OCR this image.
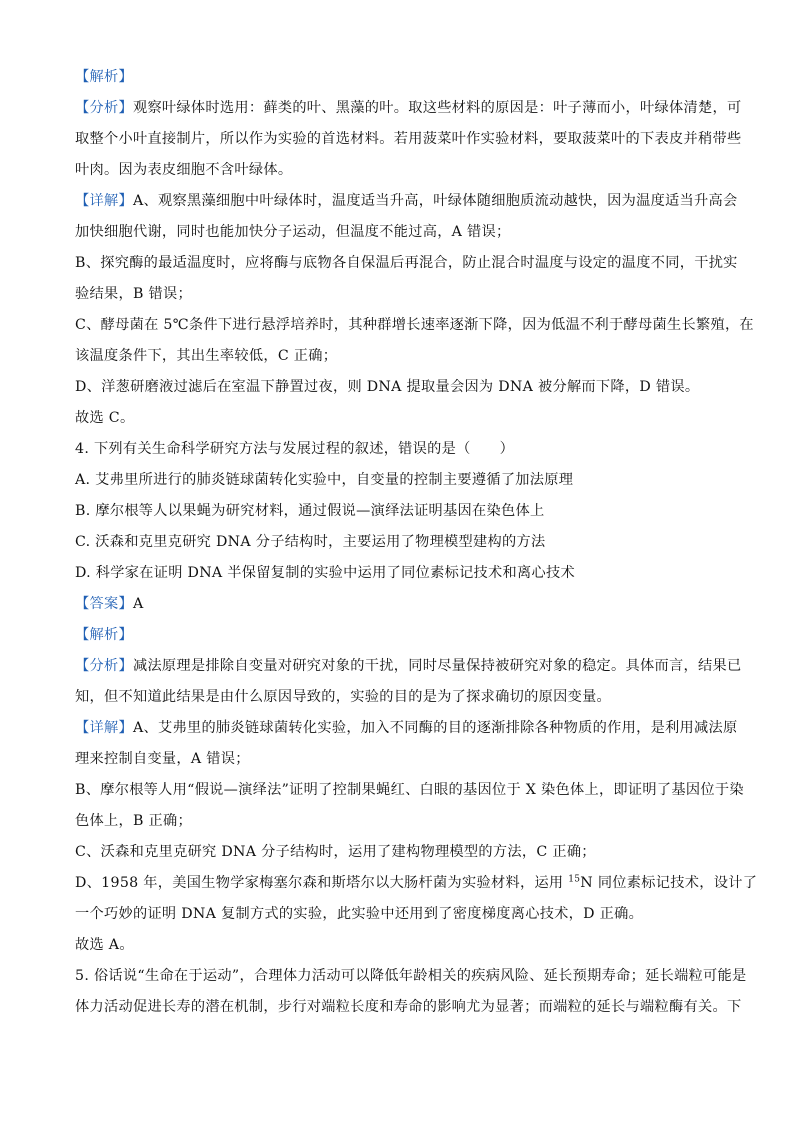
【解析】
【分析】观察叶绿体时选用：藓类的叶、黑藻的叶。取这些材料的原因是：叶子薄而小，叶绿体清楚，可
取整个小叶直接制片，所以作为实验的首选材料。若用菠菜叶作实验材料，要取菠菜叶的下表皮并稍带些
叶肉。因为表皮细胞不含叶绿体。
【详解】A、观察黑藻细胞中叶绿体时，温度适当升高，叶绿体随细胞质流动越快，因为温度适当升高会
加快细胞代谢，同时也能加快分子运动，但温度不能过高，A 错误；
B、探究酶的最适温度时，应将酶与底物各自保温后再混合，防止混合时温度与设定的温度不同，干扰实
验结果，B 错误；
C、酵母菌在 5℃条件下进行悬浮培养时，其种群增长速率逐渐下降，因为低温不利于酵母菌生长繁殖，在
该温度条件下，其出生率较低，C 正确；
D、洋葱研磨液过滤后在室温下静置过夜，则 DNA 提取量会因为 DNA 被分解而下降，D 错误。
故选 C。
4. 下列有关生命科学研究方法与发展过程的叙述，错误的是（　　）
A. 艾弗里所进行的肺炎链球菌转化实验中，自变量的控制主要遵循了加法原理
B. 摩尔根等人以果蝇为研究材料，通过假说—演绎法证明基因在染色体上
C. 沃森和克里克研究 DNA 分子结构时，主要运用了物理模型建构的方法
D. 科学家在证明 DNA 半保留复制的实验中运用了同位素标记技术和离心技术
【答案】A
【解析】
【分析】减法原理是排除自变量对研究对象的干扰，同时尽量保持被研究对象的稳定。具体而言，结果已
知，但不知道此结果是由什么原因导致的，实验的目的是为了探求确切的原因变量。
【详解】A、艾弗里的肺炎链球菌转化实验，加入不同酶的目的逐渐排除各种物质的作用，是利用减法原
理来控制自变量，A 错误；
B、摩尔根等人用“假说—演绎法”证明了控制果蝇红、白眼的基因位于 X 染色体上，即证明了基因位于染
色体上，B 正确；
C、沃森和克里克研究 DNA 分子结构时，运用了建构物理模型的方法，C 正确；
D、1958 年，美国生物学家梅塞尔森和斯塔尔以大肠杆菌为实验材料，运用 $^{15}$N 同位素标记技术，设计了
一个巧妙的证明 DNA 复制方式的实验，此实验中还用到了密度梯度离心技术，D 正确。
故选 A。
5. 俗话说“生命在于运动”，合理体力活动可以降低年龄相关的疾病风险、延长预期寿命；延长端粒可能是
体力活动促进长寿的潜在机制，步行对端粒长度和寿命的影响尤为显著；而端粒的延长与端粒酶有关。下
